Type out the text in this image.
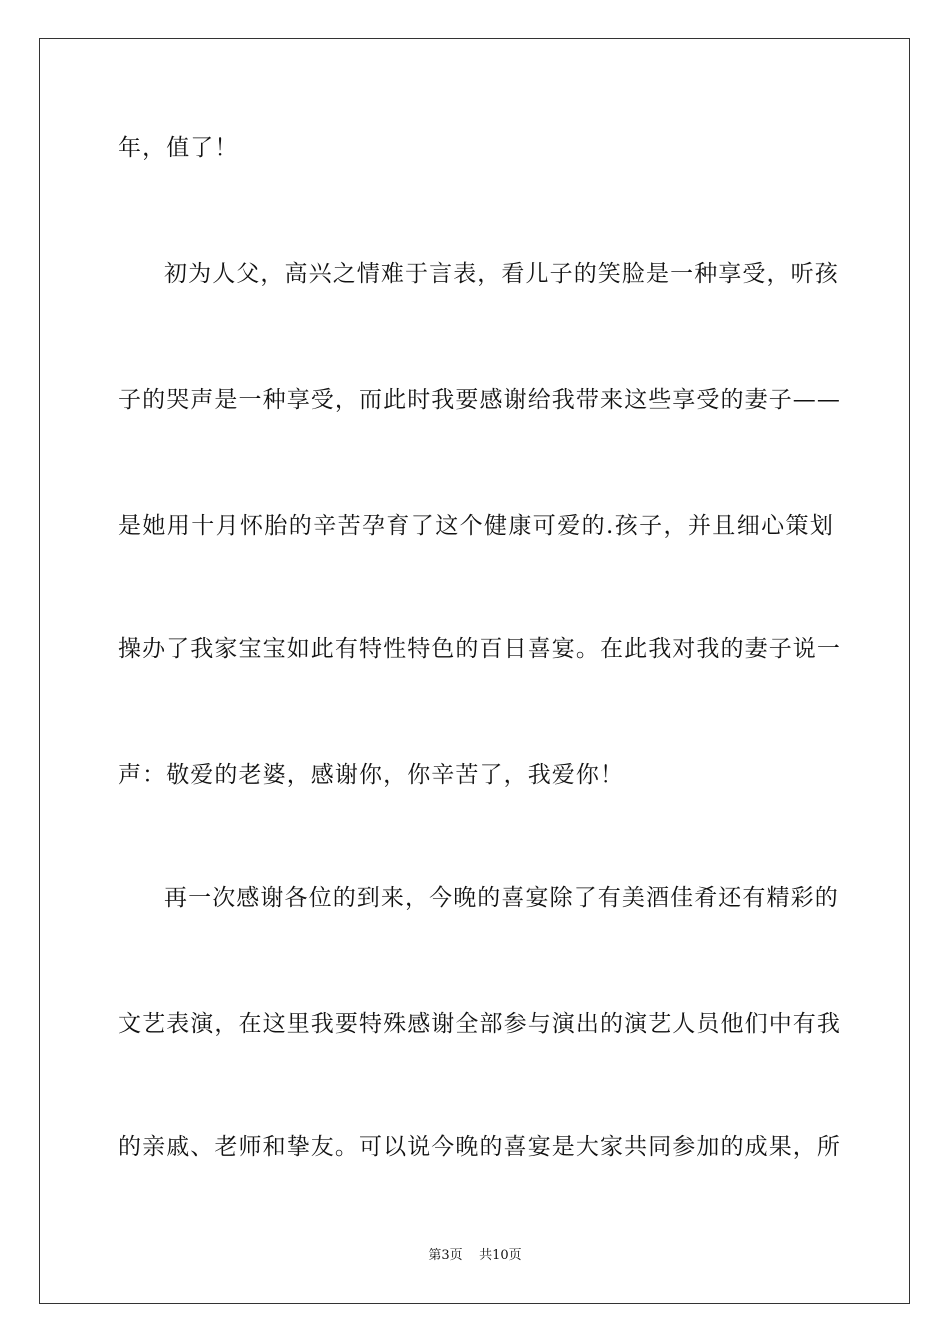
年，值了！
初为人父，高兴之情难于言表，看儿子的笑脸是一种享受，听孩
子的哭声是一种享受，而此时我要感谢给我带来这些享受的妻子——
是她用十月怀胎的辛苦孕育了这个健康可爱的.孩子，并且细心策划
操办了我家宝宝如此有特性特色的百日喜宴。在此我对我的妻子说一
声：敬爱的老婆，感谢你，你辛苦了，我爱你！
再一次感谢各位的到来，今晚的喜宴除了有美酒佳肴还有精彩的
文艺表演，在这里我要特殊感谢全部参与演出的演艺人员他们中有我
的亲戚、老师和挚友。可以说今晚的喜宴是大家共同参加的成果，所
第3页 共10页
